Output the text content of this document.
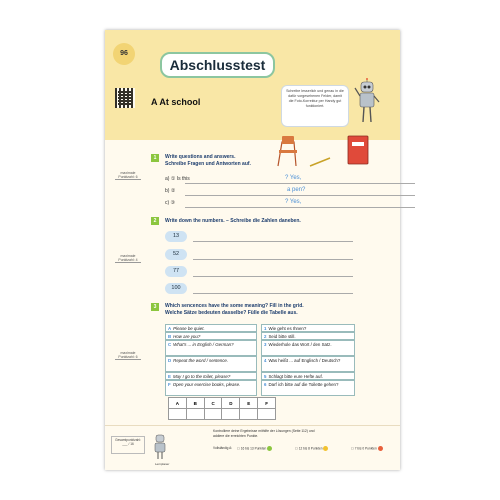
96
Abschlusstest
Schreibe lesserlich und genau in die dafür vorgesehenen Felder, damit die Foto-Korrektur per Handy gut funktioniert.
A At school
1	Write questions and answers.
Schreibe Fragen und Antworten auf.
a) ① Is this	? Yes,
b) ②	a pen?
c) ③	? Yes,
maximale

Punktzahl: 6
2	Write down the numbers. – Schreibe die Zahlen daneben.
13
52
77
100
maximale

Punktzahl: 4
3	Which sencences have the some meaning? Fill in the grid.
Welche Sätze bedeuten dasselbe? Fülle die Tabelle aus.
A Please be quiet.
B How are you?
C What's ... in English / German?
D Repeat the word / sentence.
E May I go to the toilet, please?
F Open your exercise books, please.
1 Wie geht es Ihnen?
2 Seid bitte still.
3 Wiederhole das Wort / den Satz.
4 Was heißt ... auf Englisch / Deutsch?
5 Schlagt bitte eure Hefte auf.
6 Darf ich bitte auf die Toilette gehen?
A	B	C	D	E	F

maximale

Punktzahl: 6
Gesamtpunktzahl:
___ / 16
Lernplaner
Kontrolliere deine Ergebnisse mithilfe der Lösungen (Seite 112) und
addiere die erreichten Punkte.
Vollständig A: ☐ 16 bis 13 Punkten	☐ 12 bis 8 Punkten	☐ 7 bis 0 Punkten
